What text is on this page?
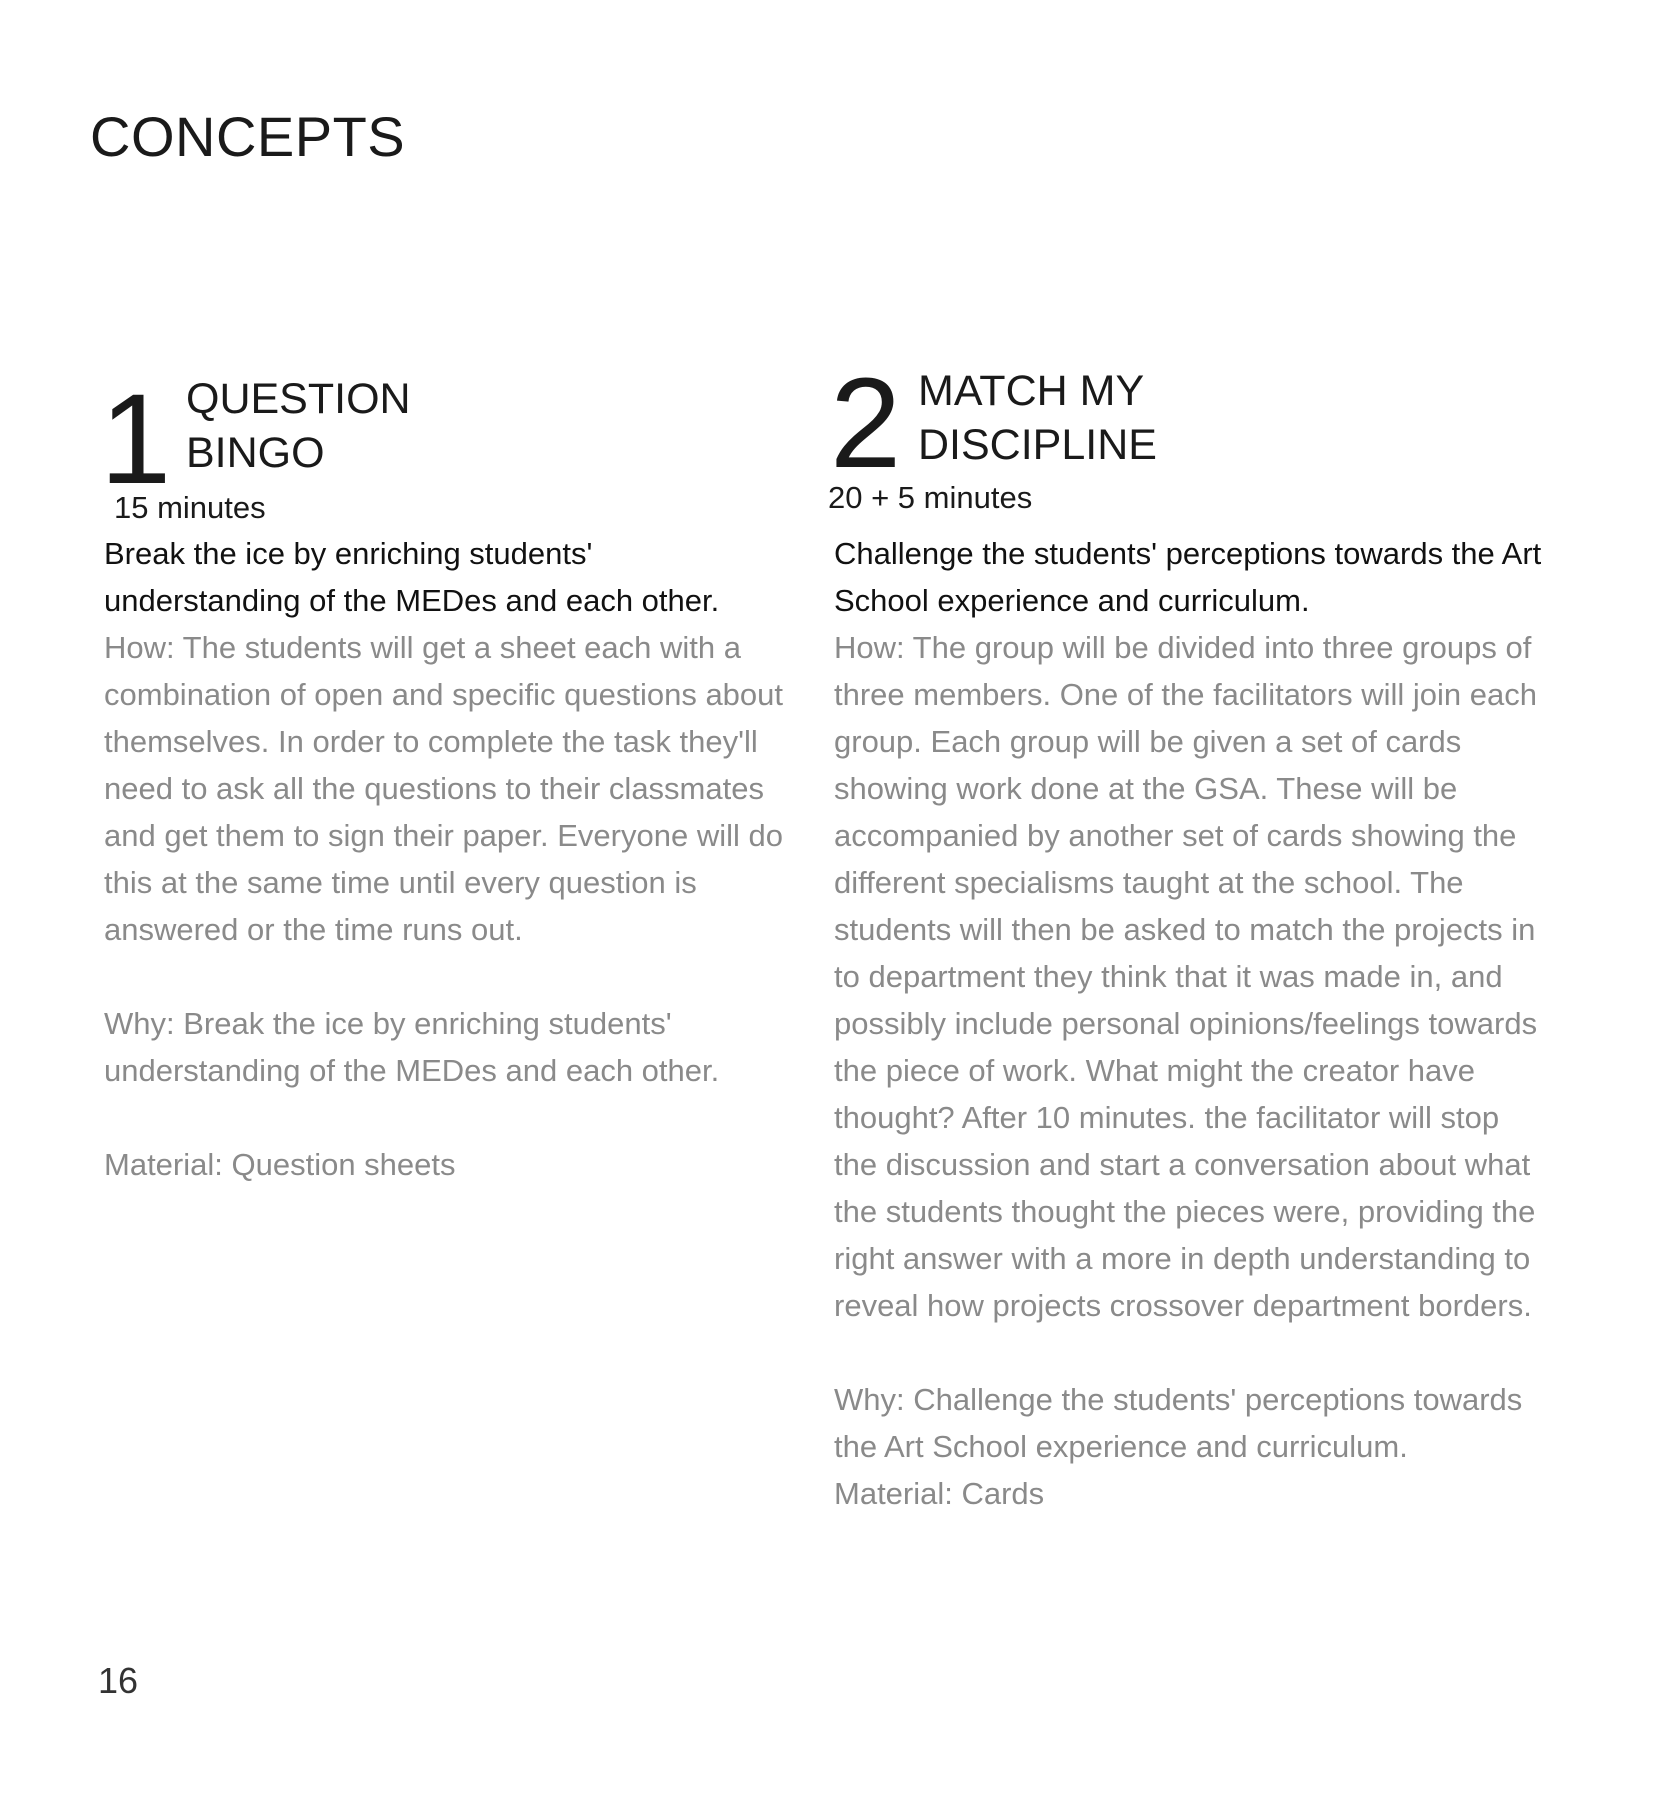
CONCEPTS
1 QUESTION
BINGO
15 minutes

Break the ice by enriching students' understanding of the MEDes and each other.

How: The students will get a sheet each with a combination of open and specific questions about themselves. In order to complete the task they'll need to ask all the questions to their classmates and get them to sign their paper. Everyone will do this at the same time until every question is answered or the time runs out.

Why: Break the ice by enriching students' understanding of the MEDes and each other.

Material: Question sheets

2 MATCH MY
DISCIPLINE
20 + 5 minutes

Challenge the students' perceptions towards the Art School experience and curriculum.

How: The group will be divided into three groups of three members. One of the facilitators will join each group. Each group will be given a set of cards showing work done at the GSA. These will be accompanied by another set of cards showing the different specialisms taught at the school. The students will then be asked to match the projects in to department they think that it was made in, and possibly include personal opinions/feelings towards the piece of work. What might the creator have thought? After 10 minutes. the facilitator will stop the discussion and start a conversation about what the students thought the pieces were, providing the right answer with a more in depth understanding to reveal how projects crossover department borders.

Why: Challenge the students' perceptions towards the Art School experience and curriculum.

Material: Cards

16
